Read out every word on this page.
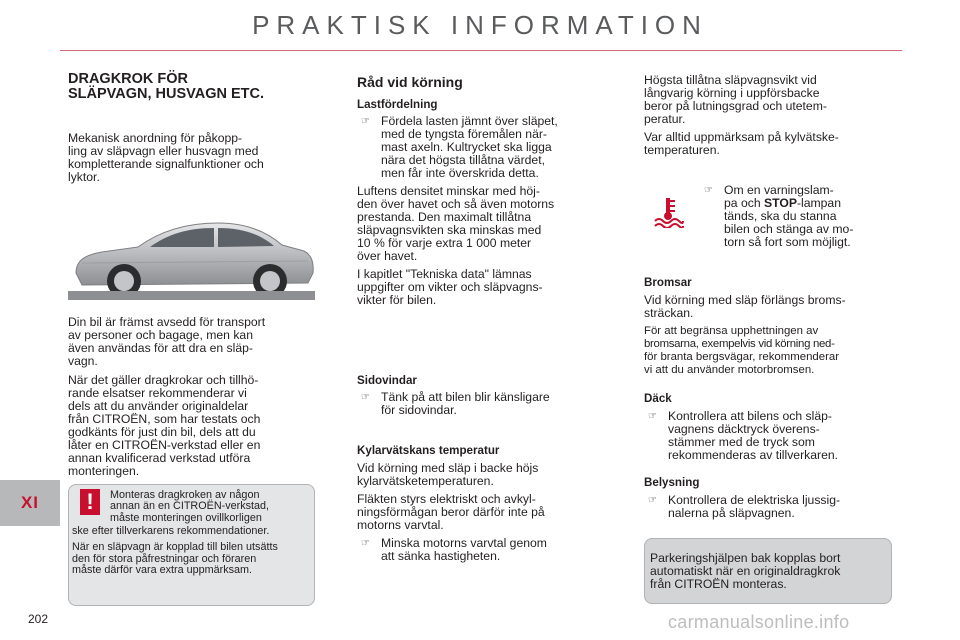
PRAKTISK INFORMATION
XI
202
DRAGKROK FÖR
SLÄPVAGN, HUSVAGN ETC.

Mekanisk anordning för påkopp-

ling av släpvagn eller husvagn med

kompletterande signalfunktioner och

lyktor.

Din bil är främst avsedd för transport

av personer och bagage, men kan

även användas för att dra en släp-

vagn.

När det gäller dragkrokar och tillhö-

rande elsatser rekommenderar vi

dels att du använder originaldelar

från CITROËN, som har testats och

godkänts för just din bil, dels att du

låter en CITROËN-verkstad eller en

annan kvalificerad verkstad utföra

monteringen.

!	Monteras dragkroken av någon

annan än en CITROËN-verkstad,

måste monteringen ovillkorligen

ske efter tillverkarens rekommendationer.

När en släpvagn är kopplad till bilen utsätts

den för stora påfrestningar och föraren

måste därför vara extra uppmärksam.

Råd vid körning
Lastfördelning
☞ Fördela lasten jämnt över släpet,

med de tyngsta föremålen när-

mast axeln. Kultrycket ska ligga

nära det högsta tillåtna värdet,

men får inte överskrida detta.

Luftens densitet minskar med höj-

den över havet och så även motorns

prestanda. Den maximalt tillåtna

släpvagnsvikten ska minskas med

10 % för varje extra 1 000 meter

över havet.

I kapitlet "Tekniska data" lämnas

uppgifter om vikter och släpvagns-

vikter för bilen.

Sidovindar
☞ Tänk på att bilen blir känsligare

för sidovindar.

Kylarvätskans temperatur

Vid körning med släp i backe höjs

kylarvätsketemperaturen.

Fläkten styrs elektriskt och avkyl-

ningsförmågan beror därför inte på

motorns varvtal.

☞ Minska motorns varvtal genom

att sänka hastigheten.

Högsta tillåtna släpvagnsvikt vid

långvarig körning i uppförsbacke

beror på lutningsgrad och utetem-

peratur.

Var alltid uppmärksam på kylvätske-

temperaturen.

☞ Om en varningslam-

pa och STOP-lampan

tänds, ska du stanna

bilen och stänga av mo-

torn så fort som möjligt.

Bromsar

Vid körning med släp förlängs broms-

sträckan.

För att begränsa upphettningen av

bromsarna, exempelvis vid körning ned-

för branta bergsvägar, rekommenderar

vi att du använder motorbromsen.

Däck
☞ Kontrollera att bilens och släp-

vagnens däcktryck överens-

stämmer med de tryck som

rekommenderas av tillverkaren.

Belysning
☞ Kontrollera de elektriska ljussig-

nalerna på släpvagnen.

Parkeringshjälpen bak kopplas bort

automatiskt när en originaldragkrok

från CITROËN monteras.

carmanualsonline.info
